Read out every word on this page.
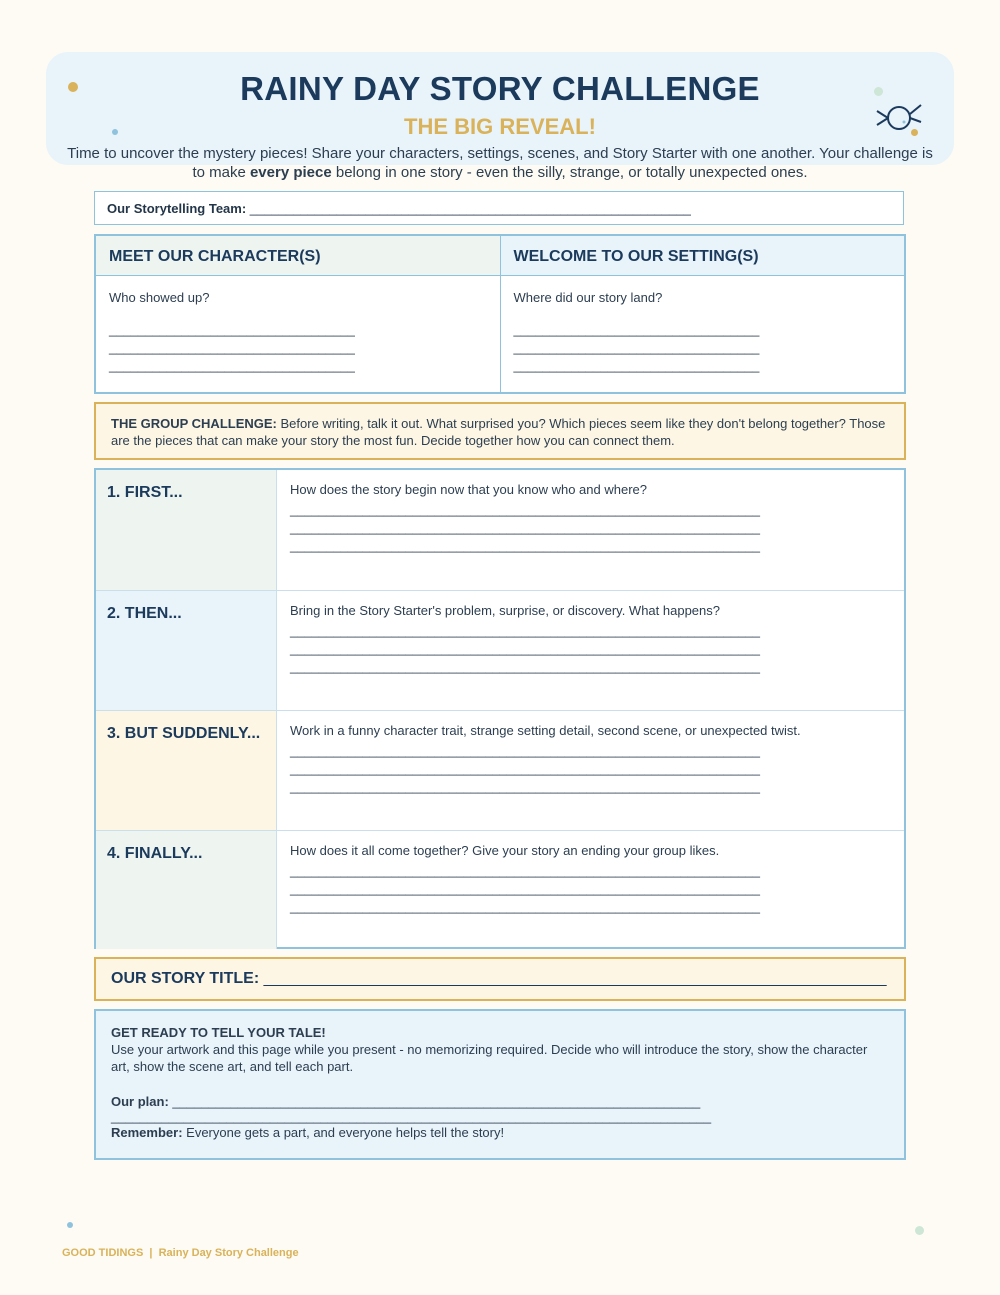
RAINY DAY STORY CHALLENGE
THE BIG REVEAL!
Time to uncover the mystery pieces! Share your characters, settings, scenes, and Story Starter with one another. Your challenge is to make every piece belong in one story - even the silly, strange, or totally unexpected ones.
Our Storytelling Team: _____________________________________________________________
MEET OUR CHARACTER(S)
Who showed up?
__________________________________
__________________________________
__________________________________
WELCOME TO OUR SETTING(S)
Where did our story land?
__________________________________
__________________________________
__________________________________
THE GROUP CHALLENGE: Before writing, talk it out. What surprised you? Which pieces seem like they don't belong together? Those are the pieces that can make your story the most fun. Decide together how you can connect them.
1. FIRST...	How does the story begin now that you know who and where?
_________________________________________________________________
_________________________________________________________________
_________________________________________________________________
2. THEN...	Bring in the Story Starter's problem, surprise, or discovery. What happens?
_________________________________________________________________
_________________________________________________________________
_________________________________________________________________
3. BUT SUDDENLY...	Work in a funny character trait, strange setting detail, second scene, or unexpected twist.
_________________________________________________________________
_________________________________________________________________
_________________________________________________________________
4. FINALLY...	How does it all come together? Give your story an ending your group likes.
_________________________________________________________________
_________________________________________________________________
_________________________________________________________________
OUR STORY TITLE: ______________________________________________________________________
GET READY TO TELL YOUR TALE!
Use your artwork and this page while you present - no memorizing required. Decide who will introduce the story, show the character art, show the scene art, and tell each part.
Our plan: _________________________________________________________________________
___________________________________________________________________________________
Remember: Everyone gets a part, and everyone helps tell the story!
GOOD TIDINGS | Rainy Day Story Challenge
